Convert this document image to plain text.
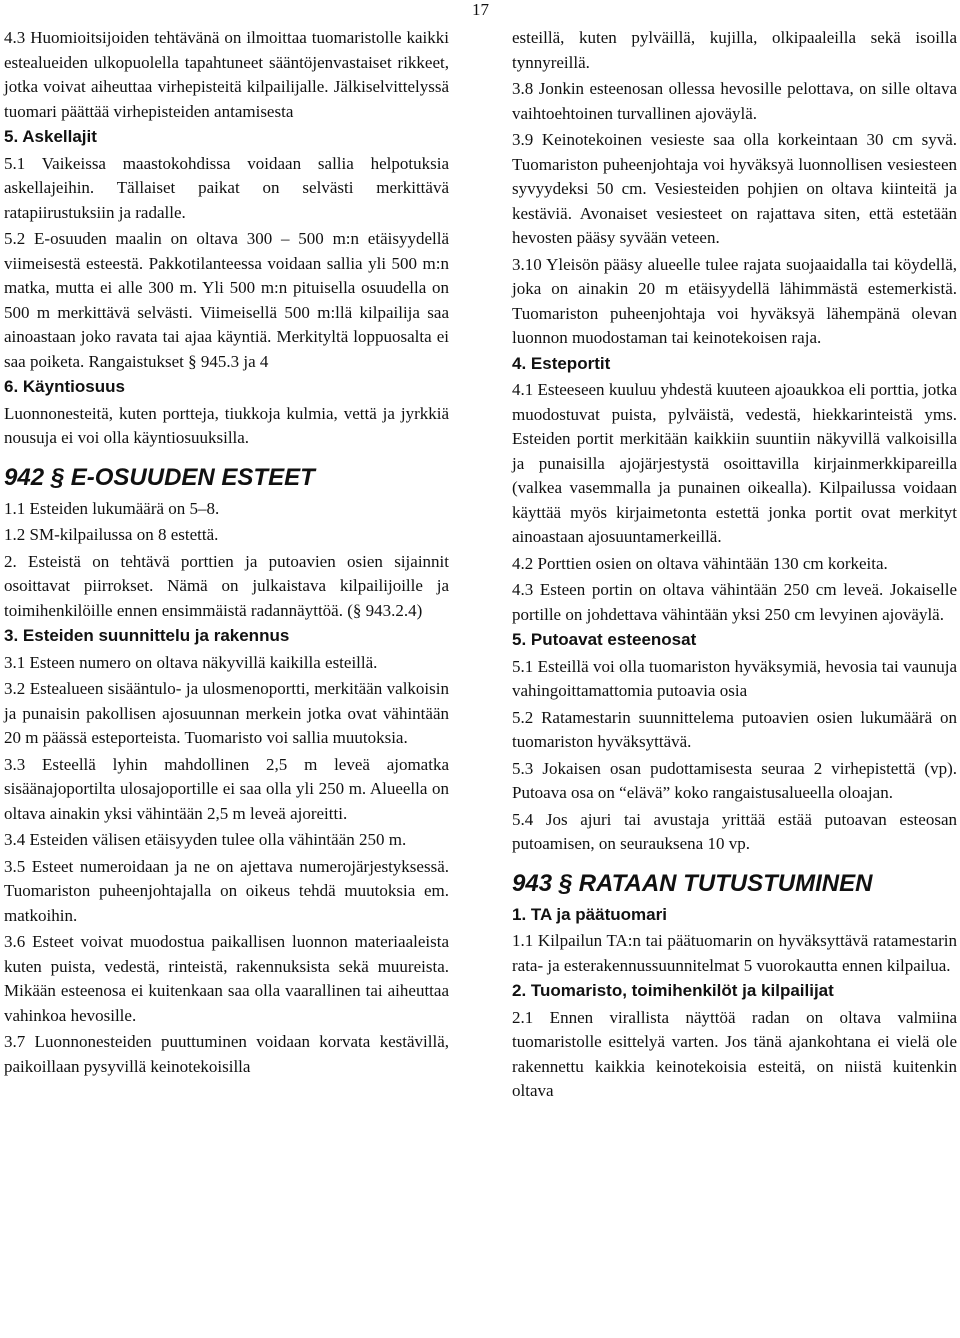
17
4.3 Huomioitsijoiden tehtävänä on ilmoittaa tuomaristolle kaikki estealueiden ulkopuolella tapahtuneet sääntöjenvastaiset rikkeet, jotka voivat aiheuttaa virhepisteitä kilpailijalle. Jälkiselvittelyssä tuomari päättää virhepisteiden antamisesta
5. Askellajit
5.1 Vaikeissa maastokohdissa voidaan sallia helpotuksia askellajeihin. Tällaiset paikat on selvästi merkittävä ratapiirustuksiin ja radalle.
5.2 E-osuuden maalin on oltava 300 – 500 m:n etäisyydellä viimeisestä esteestä. Pakkotilanteessa voidaan sallia yli 500 m:n matka, mutta ei alle 300 m. Yli 500 m:n pituisella osuudella on 500 m merkittävä selvästi. Viimeisellä 500 m:llä kilpailija saa ainoastaan joko ravata tai ajaa käyntiä. Merkityltä loppuosalta ei saa poiketa. Rangaistukset § 945.3 ja 4
6. Käyntiosuus
Luonnonesteitä, kuten portteja, tiukkoja kulmia, vettä ja jyrkkiä nousuja ei voi olla käyntiosuuksilla.
942 § E-OSUUDEN ESTEET
1.1 Esteiden lukumäärä on 5–8.
1.2 SM-kilpailussa on 8 estettä.
2. Esteistä on tehtävä porttien ja putoavien osien sijainnit osoittavat piirrokset. Nämä on julkaistava kilpailijoille ja toimihenkilöille ennen ensimmäistä radannäyttöä. (§ 943.2.4)
3. Esteiden suunnittelu ja rakennus
3.1 Esteen numero on oltava näkyvillä kaikilla esteillä.
3.2 Estealueen sisääntulo- ja ulosmenoportti, merkitään valkoisin ja punaisin pakollisen ajosuunnan merkein jotka ovat vähintään 20 m päässä esteporteista. Tuomaristo voi sallia muutoksia.
3.3 Esteellä lyhin mahdollinen 2,5 m leveä ajomatka sisäänajoportilta ulosajoportille ei saa olla yli 250 m. Alueella on oltava ainakin yksi vähintään 2,5 m leveä ajoreitti.
3.4 Esteiden välisen etäisyyden tulee olla vähintään 250 m.
3.5 Esteet numeroidaan ja ne on ajettava numerojärjestyksessä. Tuomariston puheenjohtajalla on oikeus tehdä muutoksia em. matkoihin.
3.6 Esteet voivat muodostua paikallisen luonnon materiaaleista kuten puista, vedestä, rinteistä, rakennuksista sekä muureista. Mikään esteenosa ei kuitenkaan saa olla vaarallinen tai aiheuttaa vahinkoa hevosille.
3.7 Luonnonesteiden puuttuminen voidaan korvata kestävillä, paikoillaan pysyvillä keinotekoisilla
esteillä, kuten pylväillä, kujilla, olkipaaleilla sekä isoilla tynnyreillä.
3.8 Jonkin esteenosan ollessa hevosille pelottava, on sille oltava vaihtoehtoinen turvallinen ajoväylä.
3.9 Keinotekoinen vesieste saa olla korkeintaan 30 cm syvä. Tuomariston puheenjohtaja voi hyväksyä luonnollisen vesiesteen syvyydeksi 50 cm. Vesiesteiden pohjien on oltava kiinteitä ja kestäviä. Avonaiset vesiesteet on rajattava siten, että estetään hevosten pääsy syvään veteen.
3.10 Yleisön pääsy alueelle tulee rajata suojaaidalla tai köydellä, joka on ainakin 20 m etäisyydellä lähimmästä estemerkistä. Tuomariston puheenjohtaja voi hyväksyä lähempänä olevan luonnon muodostaman tai keinotekoisen raja.
4. Esteportit
4.1 Esteeseen kuuluu yhdestä kuuteen ajoaukkoa eli porttia, jotka muodostuvat puista, pylväistä, vedestä, hiekkarinteistä yms. Esteiden portit merkitään kaikkiin suuntiin näkyvillä valkoisilla ja punaisilla ajojärjestystä osoittavilla kirjainmerkkipareilla (valkea vasemmalla ja punainen oikealla). Kilpailussa voidaan käyttää myös kirjaimetonta estettä jonka portit ovat merkityt ainoastaan ajosuuntamerkeillä.
4.2 Porttien osien on oltava vähintään 130 cm korkeita.
4.3 Esteen portin on oltava vähintään 250 cm leveä. Jokaiselle portille on johdettava vähintään yksi 250 cm levyinen ajoväylä.
5. Putoavat esteenosat
5.1 Esteillä voi olla tuomariston hyväksymiä, hevosia tai vaunuja vahingoittamattomia putoavia osia
5.2 Ratamestarin suunnittelema putoavien osien lukumäärä on tuomariston hyväksyttävä.
5.3 Jokaisen osan pudottamisesta seuraa 2 virhepistettä (vp). Putoava osa on “elävä” koko rangaistusalueella oloajan.
5.4 Jos ajuri tai avustaja yrittää estää putoavan esteosan putoamisen, on seurauksena 10 vp.
943 § RATAAN TUTUSTUMINEN
1. TA ja päätuomari
1.1 Kilpailun TA:n tai päätuomarin on hyväksyttävä ratamestarin rata- ja esterakennussuunnitelmat 5 vuorokautta ennen kilpailua.
2. Tuomaristo, toimihenkilöt ja kilpailijat
2.1 Ennen virallista näyttöä radan on oltava valmiina tuomaristolle esittelyä varten. Jos tänä ajankohtana ei vielä ole rakennettu kaikkia keinotekoisia esteitä, on niistä kuitenkin oltava
